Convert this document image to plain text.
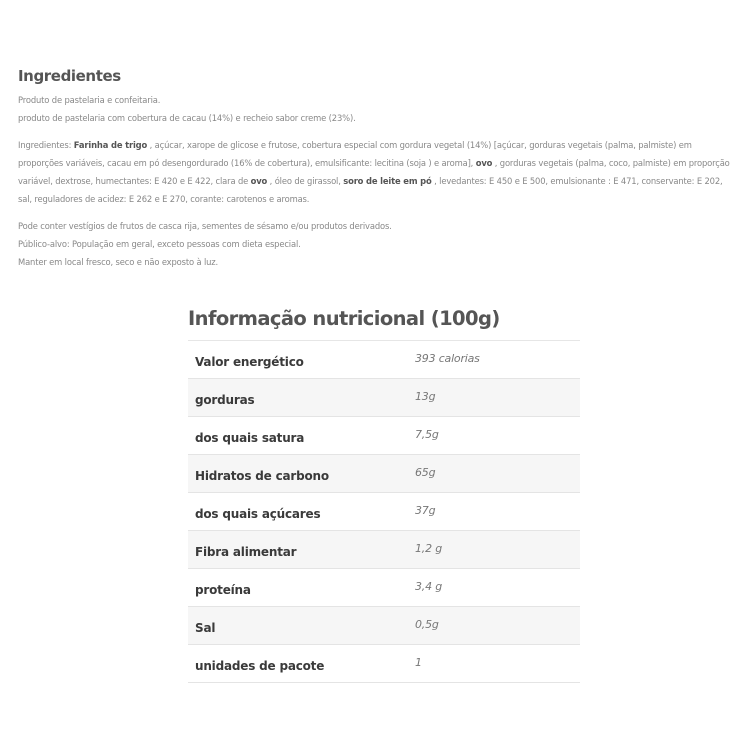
Ingredientes

Produto de pastelaria e confeitaria.

produto de pastelaria com cobertura de cacau (14%) e recheio sabor creme (23%).

Ingredientes: Farinha de trigo , açúcar, xarope de glicose e frutose, cobertura especial com gordura vegetal (14%) [açúcar, gorduras vegetais (palma, palmiste) em proporções variáveis, cacau em pó desengordurado (16% de cobertura), emulsificante: lecitina (soja ) e aroma], ovo , gorduras vegetais (palma, coco, palmiste) em proporção variável, dextrose, humectantes: E 420 e E 422, clara de ovo , óleo de girassol, soro de leite em pó , levedantes: E 450 e E 500, emulsionante : E 471, conservante: E 202, sal, reguladores de acidez: E 262 e E 270, corante: carotenos e aromas.

Pode conter vestígios de frutos de casca rija, sementes de sésamo e/ou produtos derivados.

Público-alvo: População em geral, exceto pessoas com dieta especial.

Manter em local fresco, seco e não exposto à luz.

Informação nutricional (100g)
Valor energético	393 calorias
gorduras	13g
dos quais satura	7,5g
Hidratos de carbono	65g
dos quais açúcares	37g
Fibra alimentar	1,2 g
proteína	3,4 g
Sal	0,5g
unidades de pacote	1
